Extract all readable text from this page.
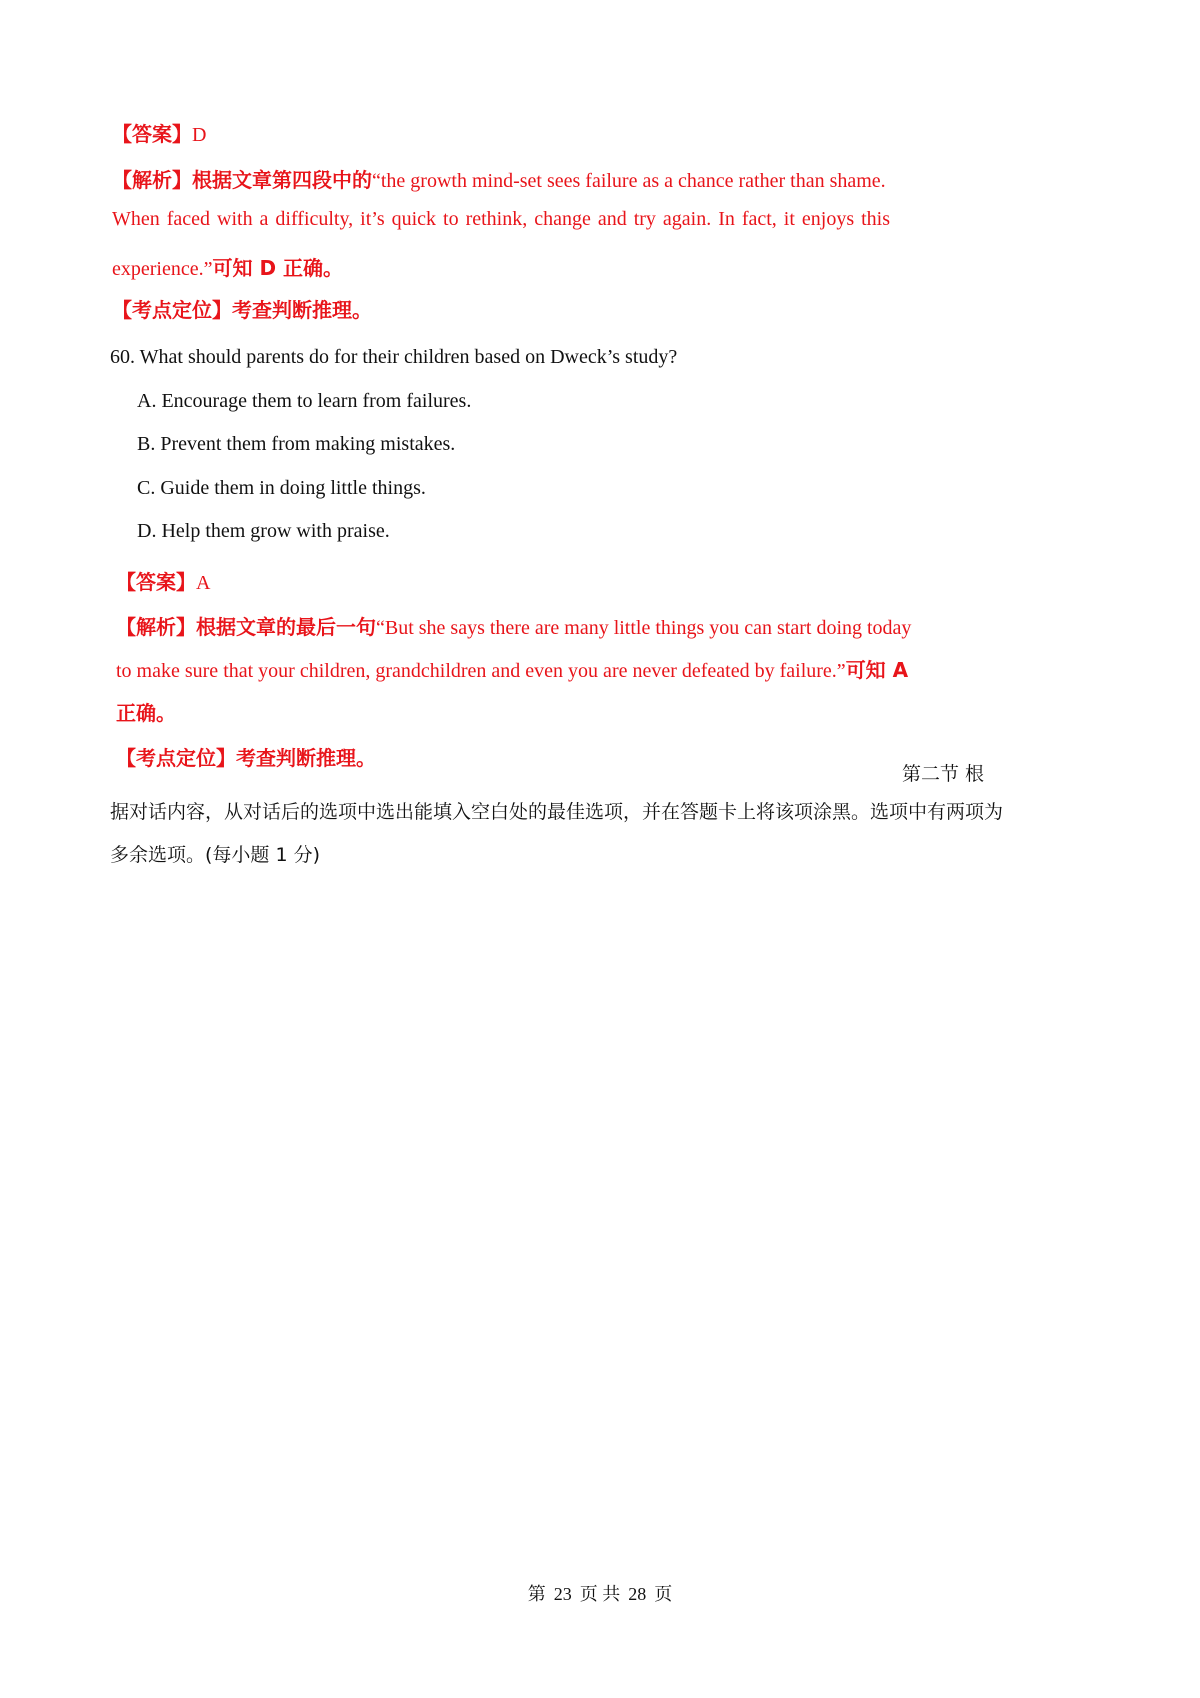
【答案】D
【解析】根据文章第四段中的“the growth mind-set sees failure as a chance rather than shame.
When faced with a difficulty, it’s quick to rethink, change and try again. In fact, it enjoys this
experience.”可知 D 正确。
【考点定位】考查判断推理。
60. What should parents do for their children based on Dweck’s study?
A. Encourage them to learn from failures.
B. Prevent them from making mistakes.
C. Guide them in doing little things.
D. Help them grow with praise.
【答案】A
【解析】根据文章的最后一句“But she says there are many little things you can start doing today
to make sure that your children, grandchildren and even you are never defeated by failure.”可知 A
正确。
【考点定位】考查判断推理。
第二节 根
据对话内容，从对话后的选项中选出能填入空白处的最佳选项，并在答题卡上将该项涂黑。选项中有两项为
多余选项。(每小题 1 分)
第 23 页 共 28 页
